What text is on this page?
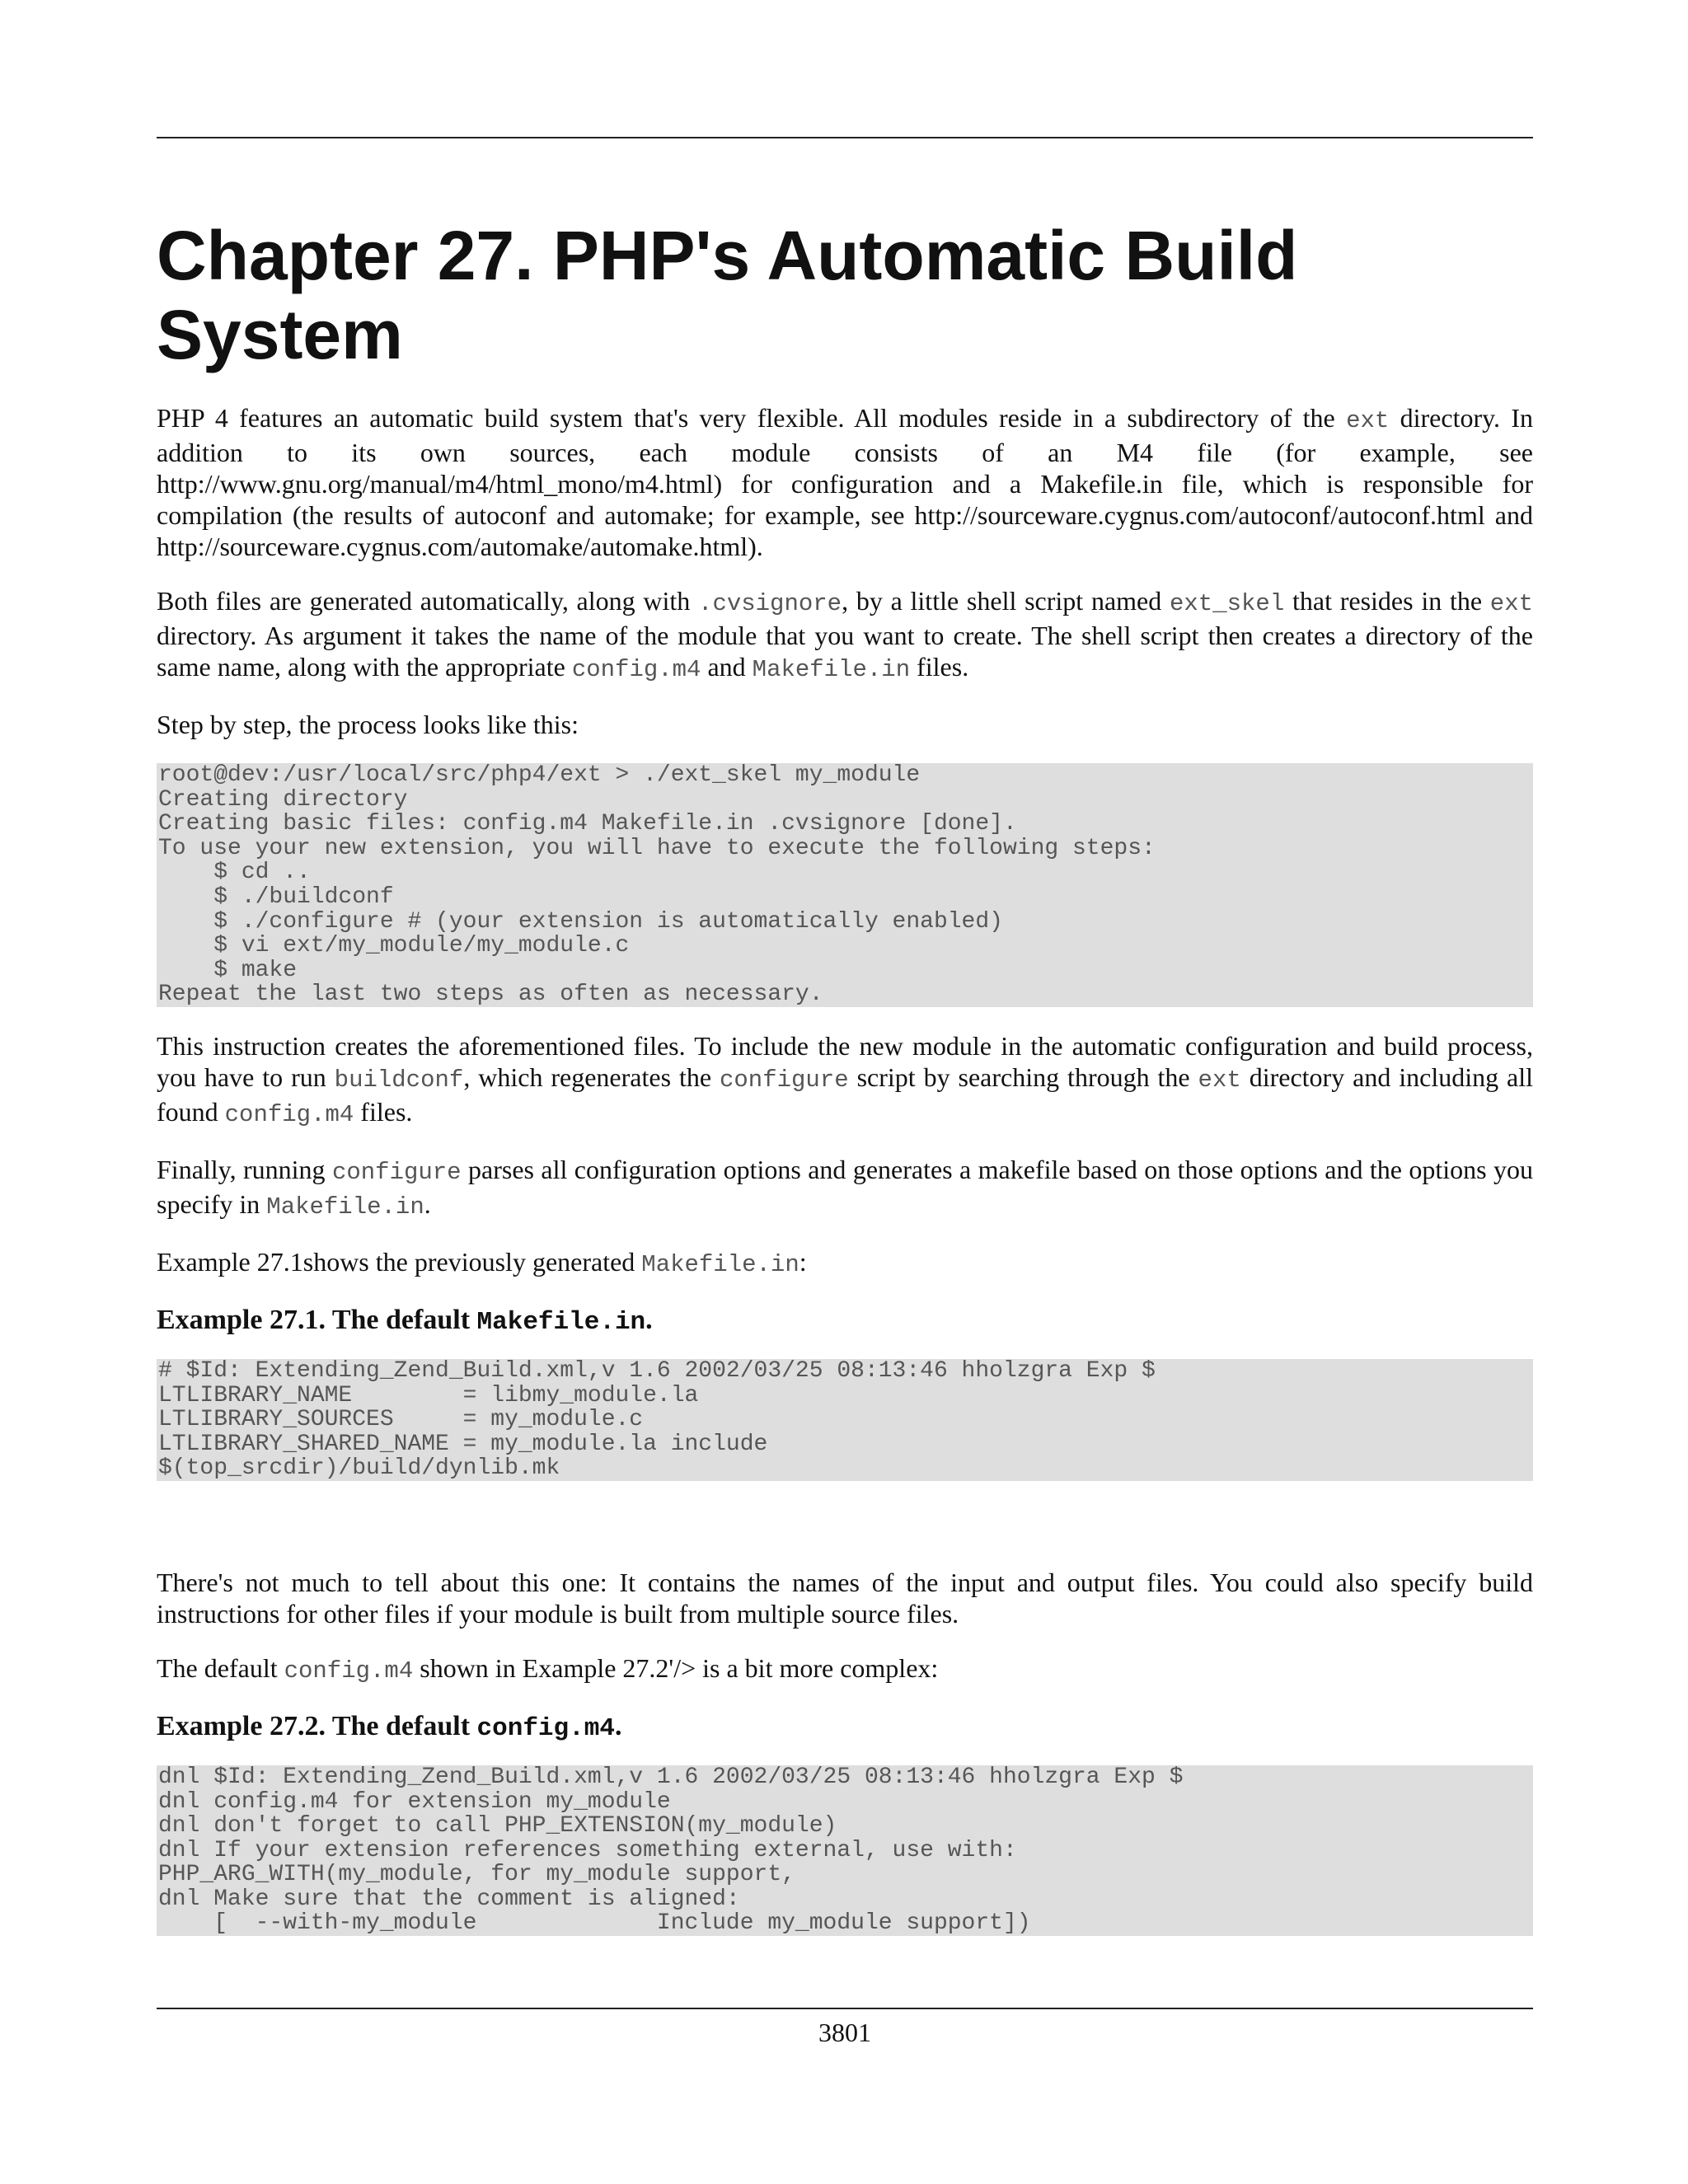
Chapter 27. PHP's Automatic Build System

PHP 4 features an automatic build system that's very flexible. All modules reside in a subdirectory of the ext directory. In addition to its own sources, each module consists of an M4 file (for example, see http://www.gnu.org/manual/m4/html_mono/m4.html) for configuration and a Makefile.in file, which is responsible for compilation (the results of autoconf and automake; for example, see http://sourceware.cygnus.com/autoconf/autoconf.html and http://sourceware.cygnus.com/automake/automake.html).

Both files are generated automatically, along with .cvsignore, by a little shell script named ext_skel that resides in the ext directory. As argument it takes the name of the module that you want to create. The shell script then creates a directory of the same name, along with the appropriate config.m4 and Makefile.in files.

Step by step, the process looks like this:

root@dev:/usr/local/src/php4/ext > ./ext_skel my_module
Creating directory
Creating basic files: config.m4 Makefile.in .cvsignore [done].
To use your new extension, you will have to execute the following steps:
$ cd ..
$ ./buildconf
$ ./configure # (your extension is automatically enabled)
$ vi ext/my_module/my_module.c
$ make
Repeat the last two steps as often as necessary.

This instruction creates the aforementioned files. To include the new module in the automatic configuration and build process, you have to run buildconf, which regenerates the configure script by searching through the ext directory and including all found config.m4 files.

Finally, running configure parses all configuration options and generates a makefile based on those options and the options you specify in Makefile.in.

Example 27.1shows the previously generated Makefile.in:

Example 27.1. The default Makefile.in.
# $Id: Extending_Zend_Build.xml,v 1.6 2002/03/25 08:13:46 hholzgra Exp $
LTLIBRARY_NAME        = libmy_module.la
LTLIBRARY_SOURCES     = my_module.c
LTLIBRARY_SHARED_NAME = my_module.la include
$(top_srcdir)/build/dynlib.mk

There's not much to tell about this one: It contains the names of the input and output files. You could also specify build instructions for other files if your module is built from multiple source files.

The default config.m4 shown in Example 27.2'/> is a bit more complex:

Example 27.2. The default config.m4.
dnl $Id: Extending_Zend_Build.xml,v 1.6 2002/03/25 08:13:46 hholzgra Exp $
dnl config.m4 for extension my_module
dnl don't forget to call PHP_EXTENSION(my_module)
dnl If your extension references something external, use with:
PHP_ARG_WITH(my_module, for my_module support,
dnl Make sure that the comment is aligned:
[  --with-my_module             Include my_module support])
3801
